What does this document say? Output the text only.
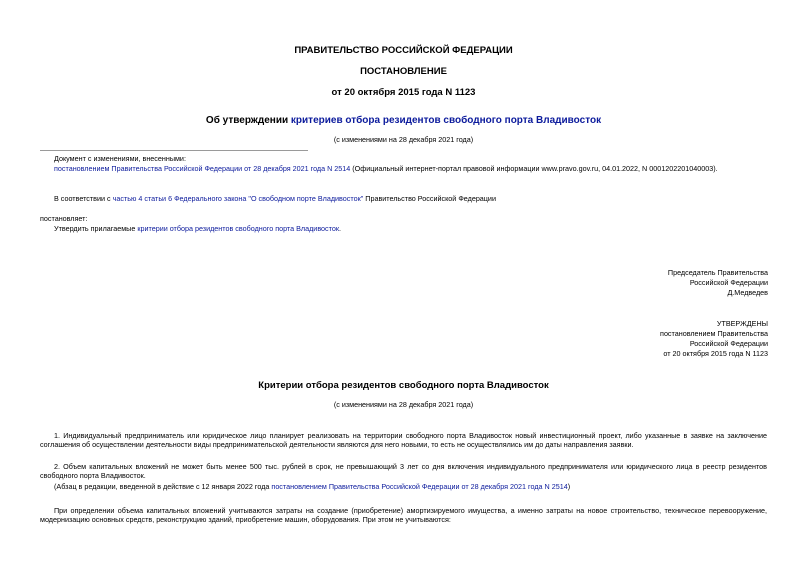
ПРАВИТЕЛЬСТВО РОССИЙСКОЙ ФЕДЕРАЦИИ
ПОСТАНОВЛЕНИЕ
от 20 октября 2015 года N 1123
Об утверждении критериев отбора резидентов свободного порта Владивосток
(с изменениями на 28 декабря 2021 года)
Документ с изменениями, внесенными:
постановлением Правительства Российской Федерации от 28 декабря 2021 года N 2514 (Официальный интернет-портал правовой информации www.pravo.gov.ru, 04.01.2022, N 0001202201040003).
В соответствии с частью 4 статьи 6 Федерального закона "О свободном порте Владивосток" Правительство Российской Федерации
постановляет:
Утвердить прилагаемые критерии отбора резидентов свободного порта Владивосток.
Председатель Правительства
Российской Федерации
Д.Медведев
УТВЕРЖДЕНЫ
постановлением Правительства
Российской Федерации
от 20 октября 2015 года N 1123
Критерии отбора резидентов свободного порта Владивосток
(с изменениями на 28 декабря 2021 года)
1. Индивидуальный предприниматель или юридическое лицо планирует реализовать на территории свободного порта Владивосток новый инвестиционный проект, либо указанные в заявке на заключение соглашения об осуществлении деятельности виды предпринимательской деятельности являются для него новыми, то есть не осуществлялись им до даты направления заявки.
2. Объем капитальных вложений не может быть менее 500 тыс. рублей в срок, не превышающий 3 лет со дня включения индивидуального предпринимателя или юридического лица в реестр резидентов свободного порта Владивосток.
(Абзац в редакции, введенной в действие с 12 января 2022 года постановлением Правительства Российской Федерации от 28 декабря 2021 года N 2514)
При определении объема капитальных вложений учитываются затраты на создание (приобретение) амортизируемого имущества, а именно затраты на новое строительство, техническое перевооружение, модернизацию основных средств, реконструкцию зданий, приобретение машин, оборудования. При этом не учитываются:
